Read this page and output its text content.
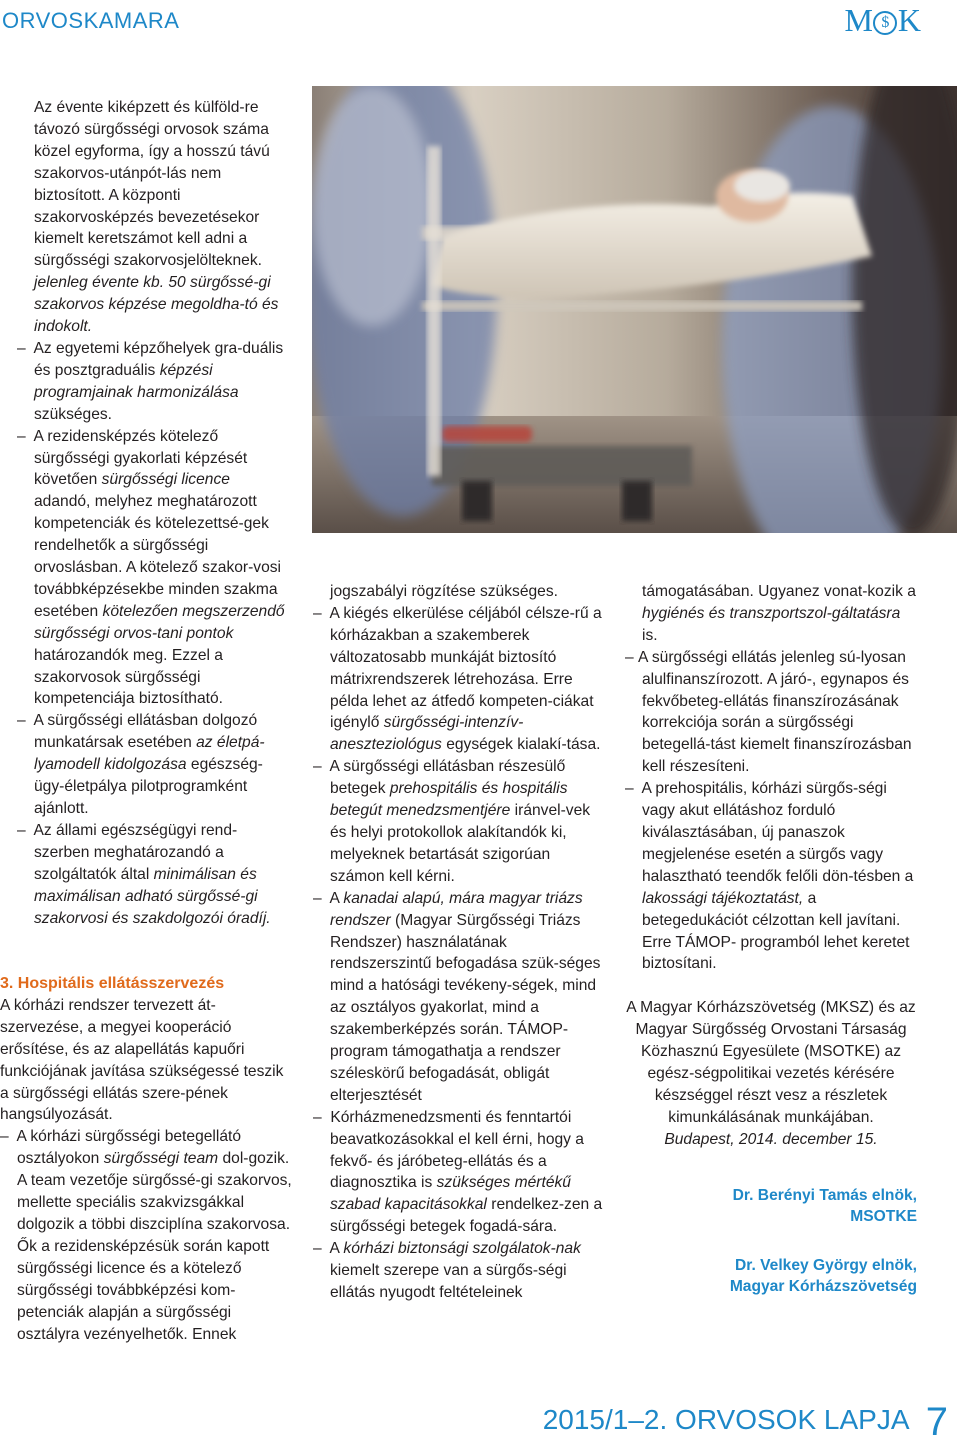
ORVOSKAMARA	M $ K

Az évente kiképzett és külföld-re távozó sürgősségi orvosok száma közel egyforma, így a hosszú távú szakorvos-utánpót-lás nem biztosított. A központi szakorvosképzés bevezetésekor kiemelt keretszámot kell adni a sürgősségi szakorvosjelölteknek. jelenleg évente kb. 50 sürgőssé-gi szakorvos képzése megoldha-tó és indokolt.

– Az egyetemi képzőhelyek gra-duális és posztgraduális képzési programjainak harmonizálása szükséges.

– A rezidensképzés kötelező sürgősségi gyakorlati képzését követően sürgősségi licence adandó, melyhez meghatározott kompetenciák és kötelezettsé-gek rendelhetők a sürgősségi orvoslásban. A kötelező szakor-vosi továbbképzésekbe minden szakma esetében kötelezően megszerzendő sürgősségi orvos-tani pontok határozandók meg. Ezzel a szakorvosok sürgősségi kompetenciája biztosítható.

– A sürgősségi ellátásban dolgozó munkatársak esetében az életpá-lyamodell kidolgozása egészség-ügy-életpálya pilotprogramként ajánlott.

– Az állami egészségügyi rend-szerben meghatározandó a szolgáltatók által minimálisan és maximálisan adható sürgőssé-gi szakorvosi és szakdolgozói óradíj.

3. Hospitális ellátásszervezés

A kórházi rendszer tervezett át-szervezése, a megyei kooperáció erősítése, és az alapellátás kapuőri funkciójának javítása szükségessé teszik a sürgősségi ellátás szere-pének hangsúlyozását.

– A kórházi sürgősségi betegellátó osztályokon sürgősségi team dol-gozik. A team vezetője sürgőssé-gi szakorvos, mellette speciális szakvizsgákkal dolgozik a többi diszciplína szakorvosa. Ők a rezidensképzésük során kapott sürgősségi licence és a kötelező sürgősségi továbbképzési kom-petenciák alapján a sürgősségi osztályra vezényelhetők. Ennek

jogszabályi rögzítése szükséges.

– A kiégés elkerülése céljából célsze-rű a kórházakban a szakemberek változatosabb munkáját biztosító mátrixrendszerek létrehozása. Erre példa lehet az átfedő kompeten-ciákat igénylő sürgősségi-intenzív-aneszteziológus egységek kialakí-tása.

– A sürgősségi ellátásban részesülő betegek prehospitális és hospitális betegút menedzsmentjére iránvel-vek és helyi protokollok alakítandók ki, melyeknek betartását szigorúan számon kell kérni.

– A kanadai alapú, mára magyar triázs rendszer (Magyar Sürgősségi Triázs Rendszer) használatának rendszerszintű befogadása szük-séges mind a hatósági tevékeny-ségek, mind az osztályos gyakorlat, mind a szakemberképzés során. TÁMOP-program támogathatja a rendszer széleskörű befogadását, obligát elterjesztését

– Kórházmenedzsmenti és fenntartói beavatkozásokkal el kell érni, hogy a fekvő- és járóbeteg-ellátás és a diagnosztika is szükséges mértékű szabad kapacitásokkal rendelkez-zen a sürgősségi betegek fogadá-sára.

– A kórházi biztonsági szolgálatok-nak kiemelt szerepe van a sürgős-ségi ellátás nyugodt feltételeinek

támogatásában. Ugyanez vonat-kozik a hygiénés és transzportszol-gáltatásra is.

– A sürgősségi ellátás jelenleg sú-lyosan alulfinanszírozott. A járó-, egynapos és fekvőbeteg-ellátás finanszírozásának korrekciója során a sürgősségi betegellá-tást kiemelt finanszírozásban kell részesíteni.

– A prehospitális, kórházi sürgős-ségi vagy akut ellátáshoz forduló kiválasztásában, új panaszok megjelenése esetén a sürgős vagy halasztható teendők felőli dön-tésben a lakossági tájékoztatást, a betegedukációt célzottan kell javítani. Erre TÁMOP- programból lehet keretet biztosítani.

A Magyar Kórházszövetség (MKSZ) és az Magyar Sürgősség Orvostani Társaság Közhasznú Egyesülete (MSOTKE) az egész-ségpolitikai vezetés kérésére készséggel részt vesz a részletek kimunkálásának munkájában.

Budapest, 2014. december 15.

Dr. Berényi Tamás elnök,
MSOTKE
Dr. Velkey György elnök,
Magyar Kórházszövetség
2015/1–2. ORVOSOK LAPJA 7
